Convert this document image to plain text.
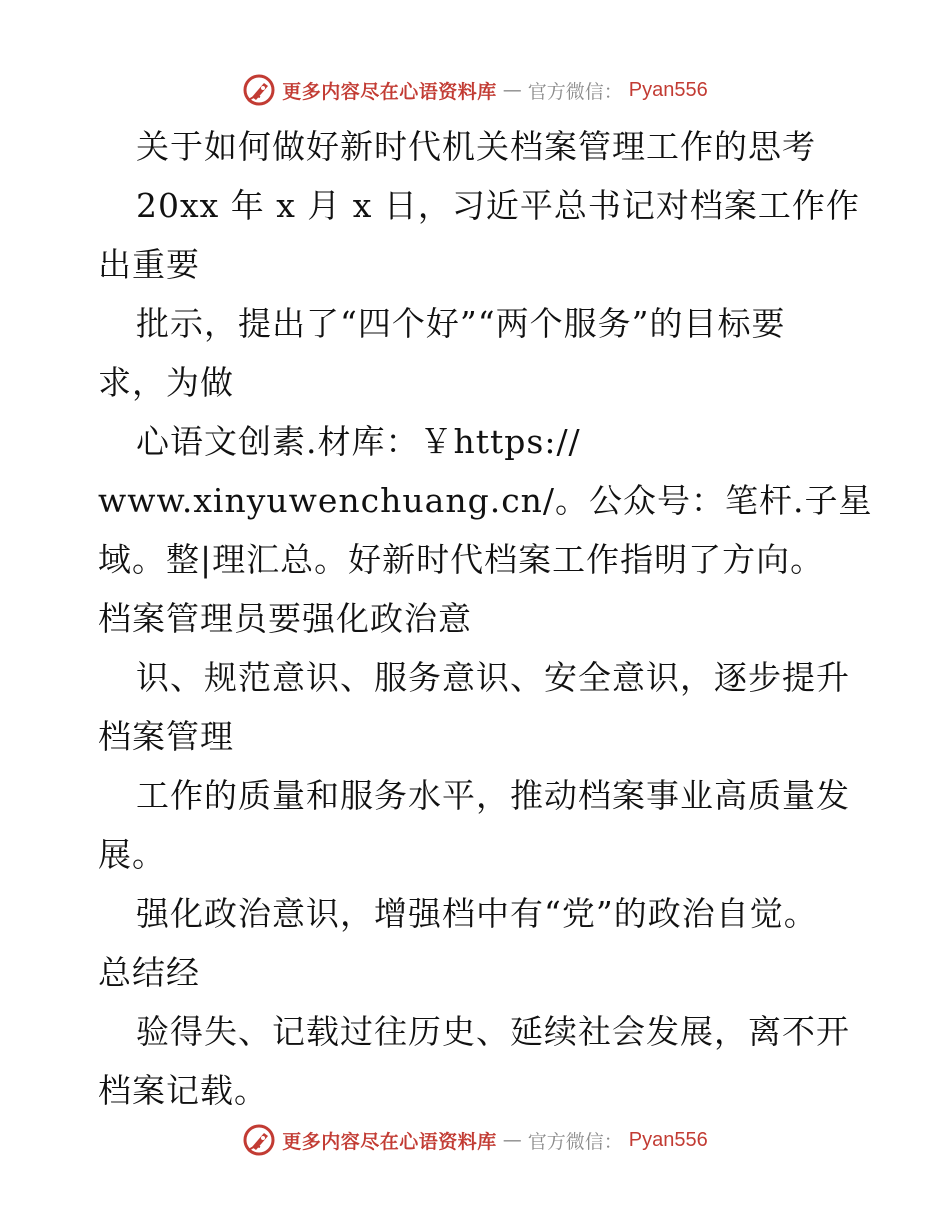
更多内容尽在心语资料库 — 官方微信： Pyan556
关于如何做好新时代机关档案管理工作的思考
20xx 年 x 月 x 日，习近平总书记对档案工作作
出重要
批示，提出了“四个好”“两个服务”的目标要
求，为做
心语文创素.材库：￥https://
www.xinyuwenchuang.cn/。公众号：笔杆.子星
域。整|理汇总。好新时代档案工作指明了方向。
档案管理员要强化政治意
识、规范意识、服务意识、安全意识，逐步提升
档案管理
工作的质量和服务水平，推动档案事业高质量发
展。
强化政治意识，增强档中有“党”的政治自觉。
总结经
验得失、记载过往历史、延续社会发展，离不开
档案记载。
更多内容尽在心语资料库 — 官方微信： Pyan556
